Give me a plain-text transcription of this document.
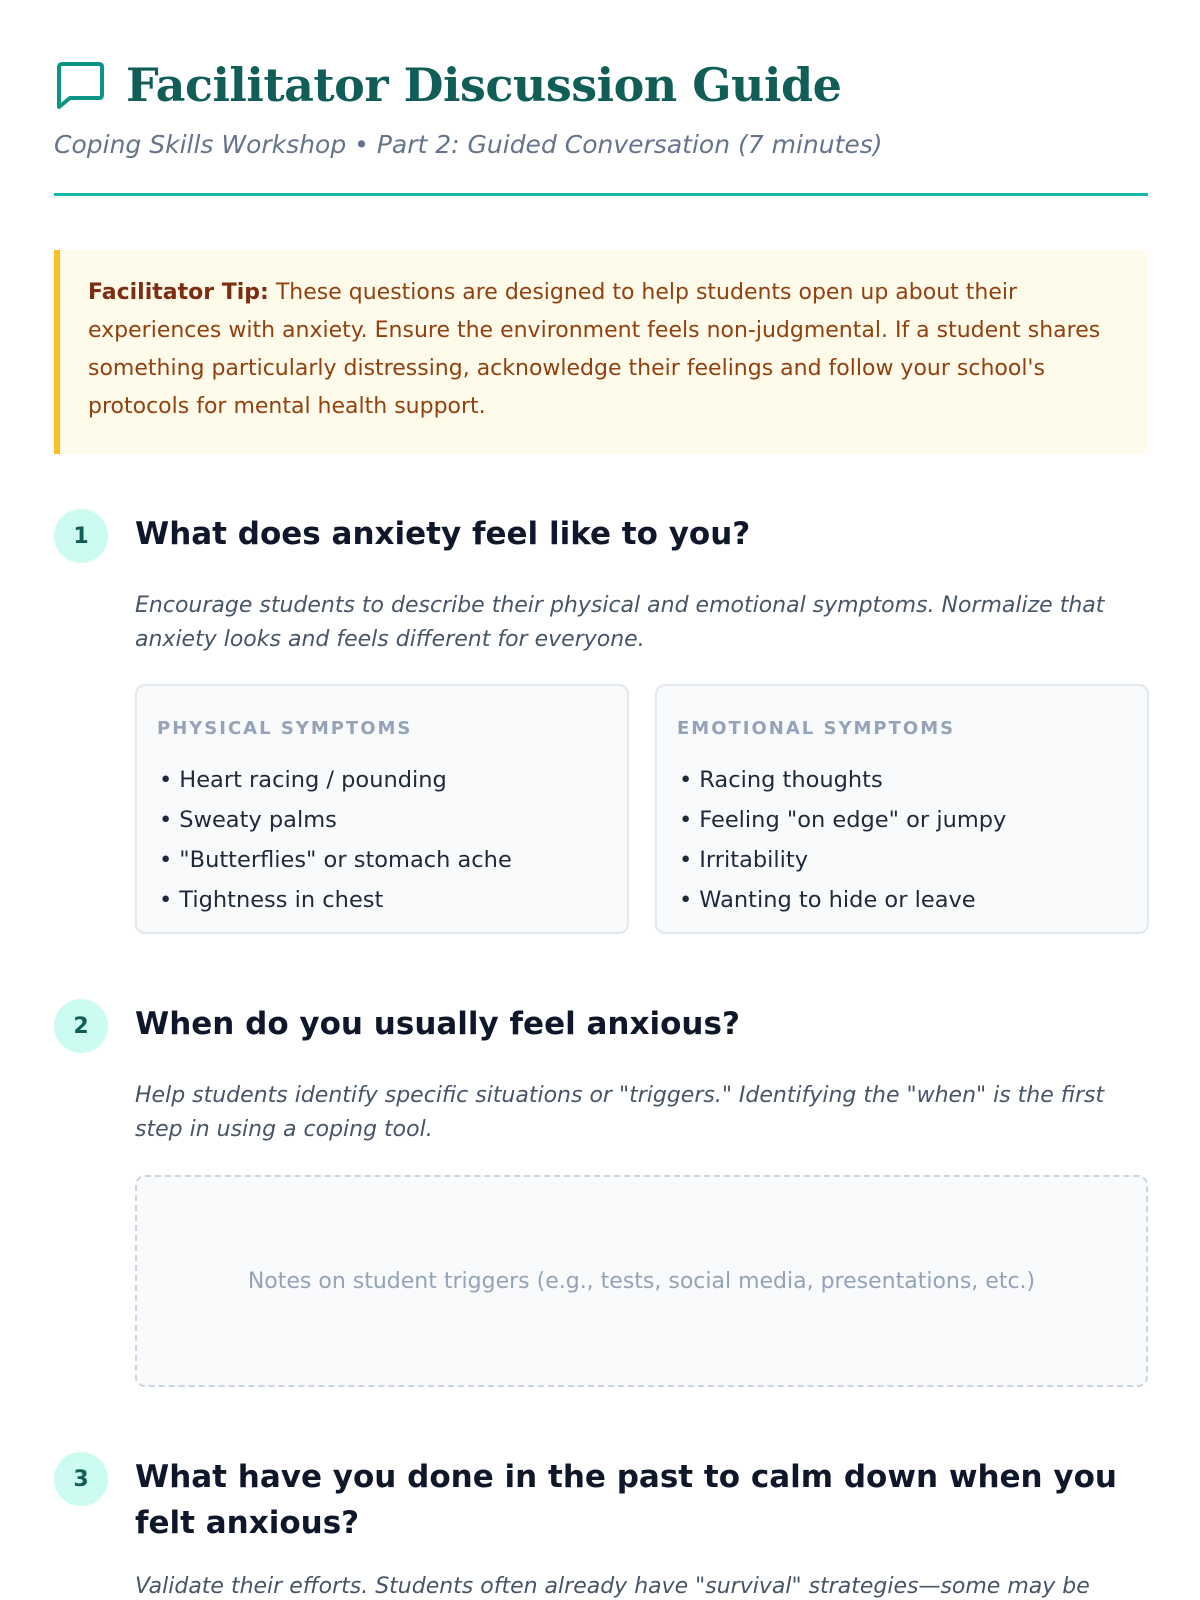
Facilitator Discussion Guide
Coping Skills Workshop • Part 2: Guided Conversation (7 minutes)
Facilitator Tip: These questions are designed to help students open up about their experiences with anxiety. Ensure the environment feels non-judgmental. If a student shares something particularly distressing, acknowledge their feelings and follow your school's protocols for mental health support.
1	What does anxiety feel like to you?
Encourage students to describe their physical and emotional symptoms. Normalize that anxiety looks and feels different for everyone.
PHYSICAL SYMPTOMS
• Heart racing / pounding
• Sweaty palms
• "Butterflies" or stomach ache
• Tightness in chest
EMOTIONAL SYMPTOMS
• Racing thoughts
• Feeling "on edge" or jumpy
• Irritability
• Wanting to hide or leave
2	When do you usually feel anxious?
Help students identify specific situations or "triggers." Identifying the "when" is the first step in using a coping tool.
Notes on student triggers (e.g., tests, social media, presentations, etc.)
3	What have you done in the past to calm down when you felt anxious?
Validate their efforts. Students often already have "survival" strategies—some may be
